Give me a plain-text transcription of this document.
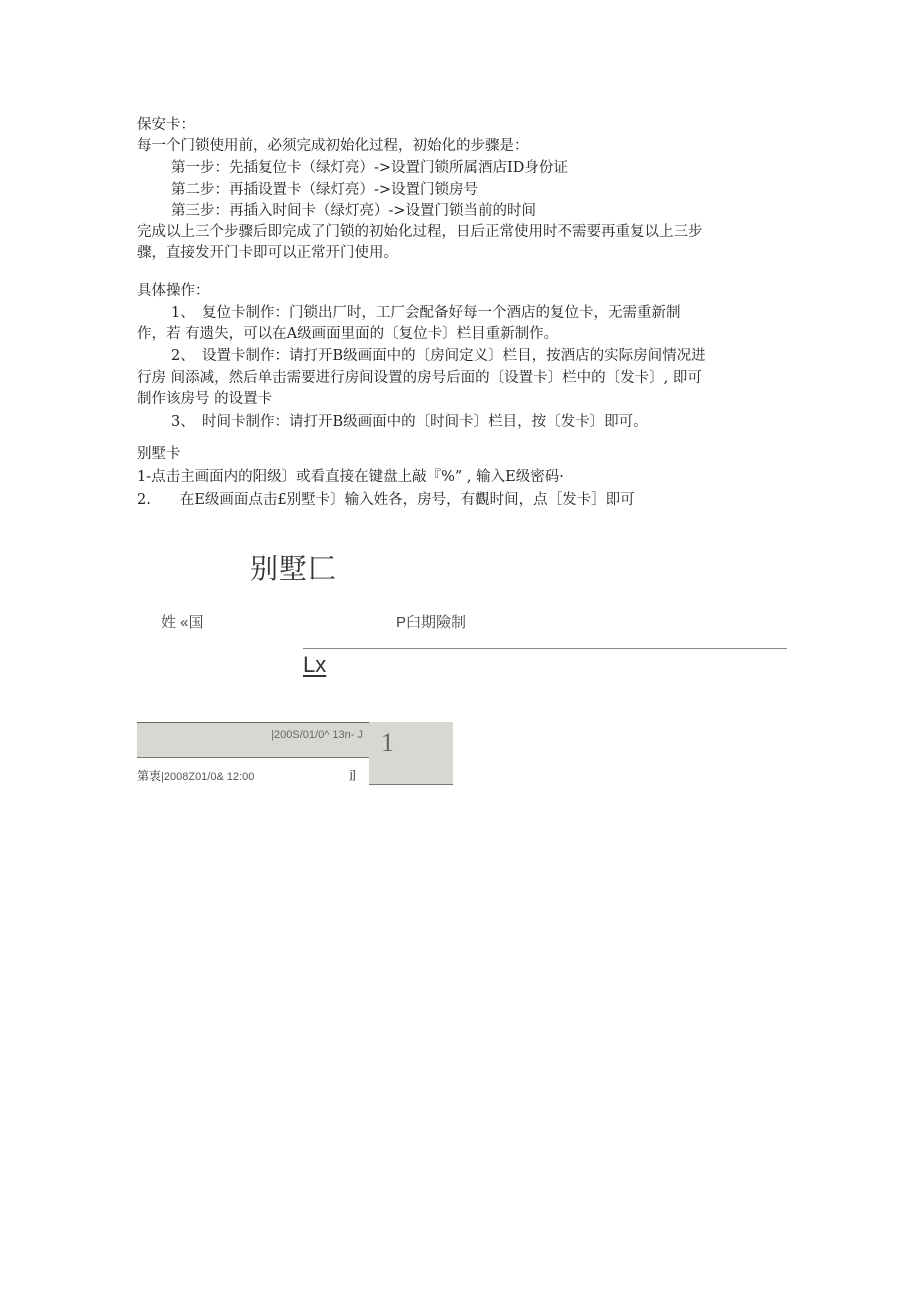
保安卡：
每一个门锁使用前，必须完成初始化过程，初始化的步骤是：
第一步：先插复位卡（绿灯亮）->设置门锁所属酒店ID身份证
第二步：再插设置卡（绿灯亮）->设置门锁房号
第三步：再插入时间卡（绿灯亮）->设置门锁当前的时间
完成以上三个步骤后即完成了门锁的初始化过程，日后正常使用时不需要再重复以上三步
骤，直接发开门卡即可以正常开门使用。
具体操作：
1、　复位卡制作：门锁出厂时，工厂会配备好每一个酒店的复位卡，无需重新制
作，若 有遗失，可以在A级画面里面的〔复位卡〕栏目重新制作。
2、　设置卡制作：请打开B级画面中的〔房间定义〕栏目，按酒店的实际房间情况进
行房 间添减，然后单击需要进行房间设置的房号后面的〔设置卡〕栏中的〔发卡〕, 即可
制作该房号 的设置卡
3、　时间卡制作：请打开B级画面中的〔时间卡〕栏目，按〔发卡〕即可。
别墅卡
1-点击主画面内的阳级〕或看直接在键盘上敲『%” , 输入E级密码·
2.　　在E级画面点击£别墅卡〕输入姓各，房号，有觀时间，点［发卡］即可
别墅匚
姓 «国	P臼期險制
Lx
|200S/01/0^ 13n- J 1
第衷|2008Z01/0& 12:00	j]
